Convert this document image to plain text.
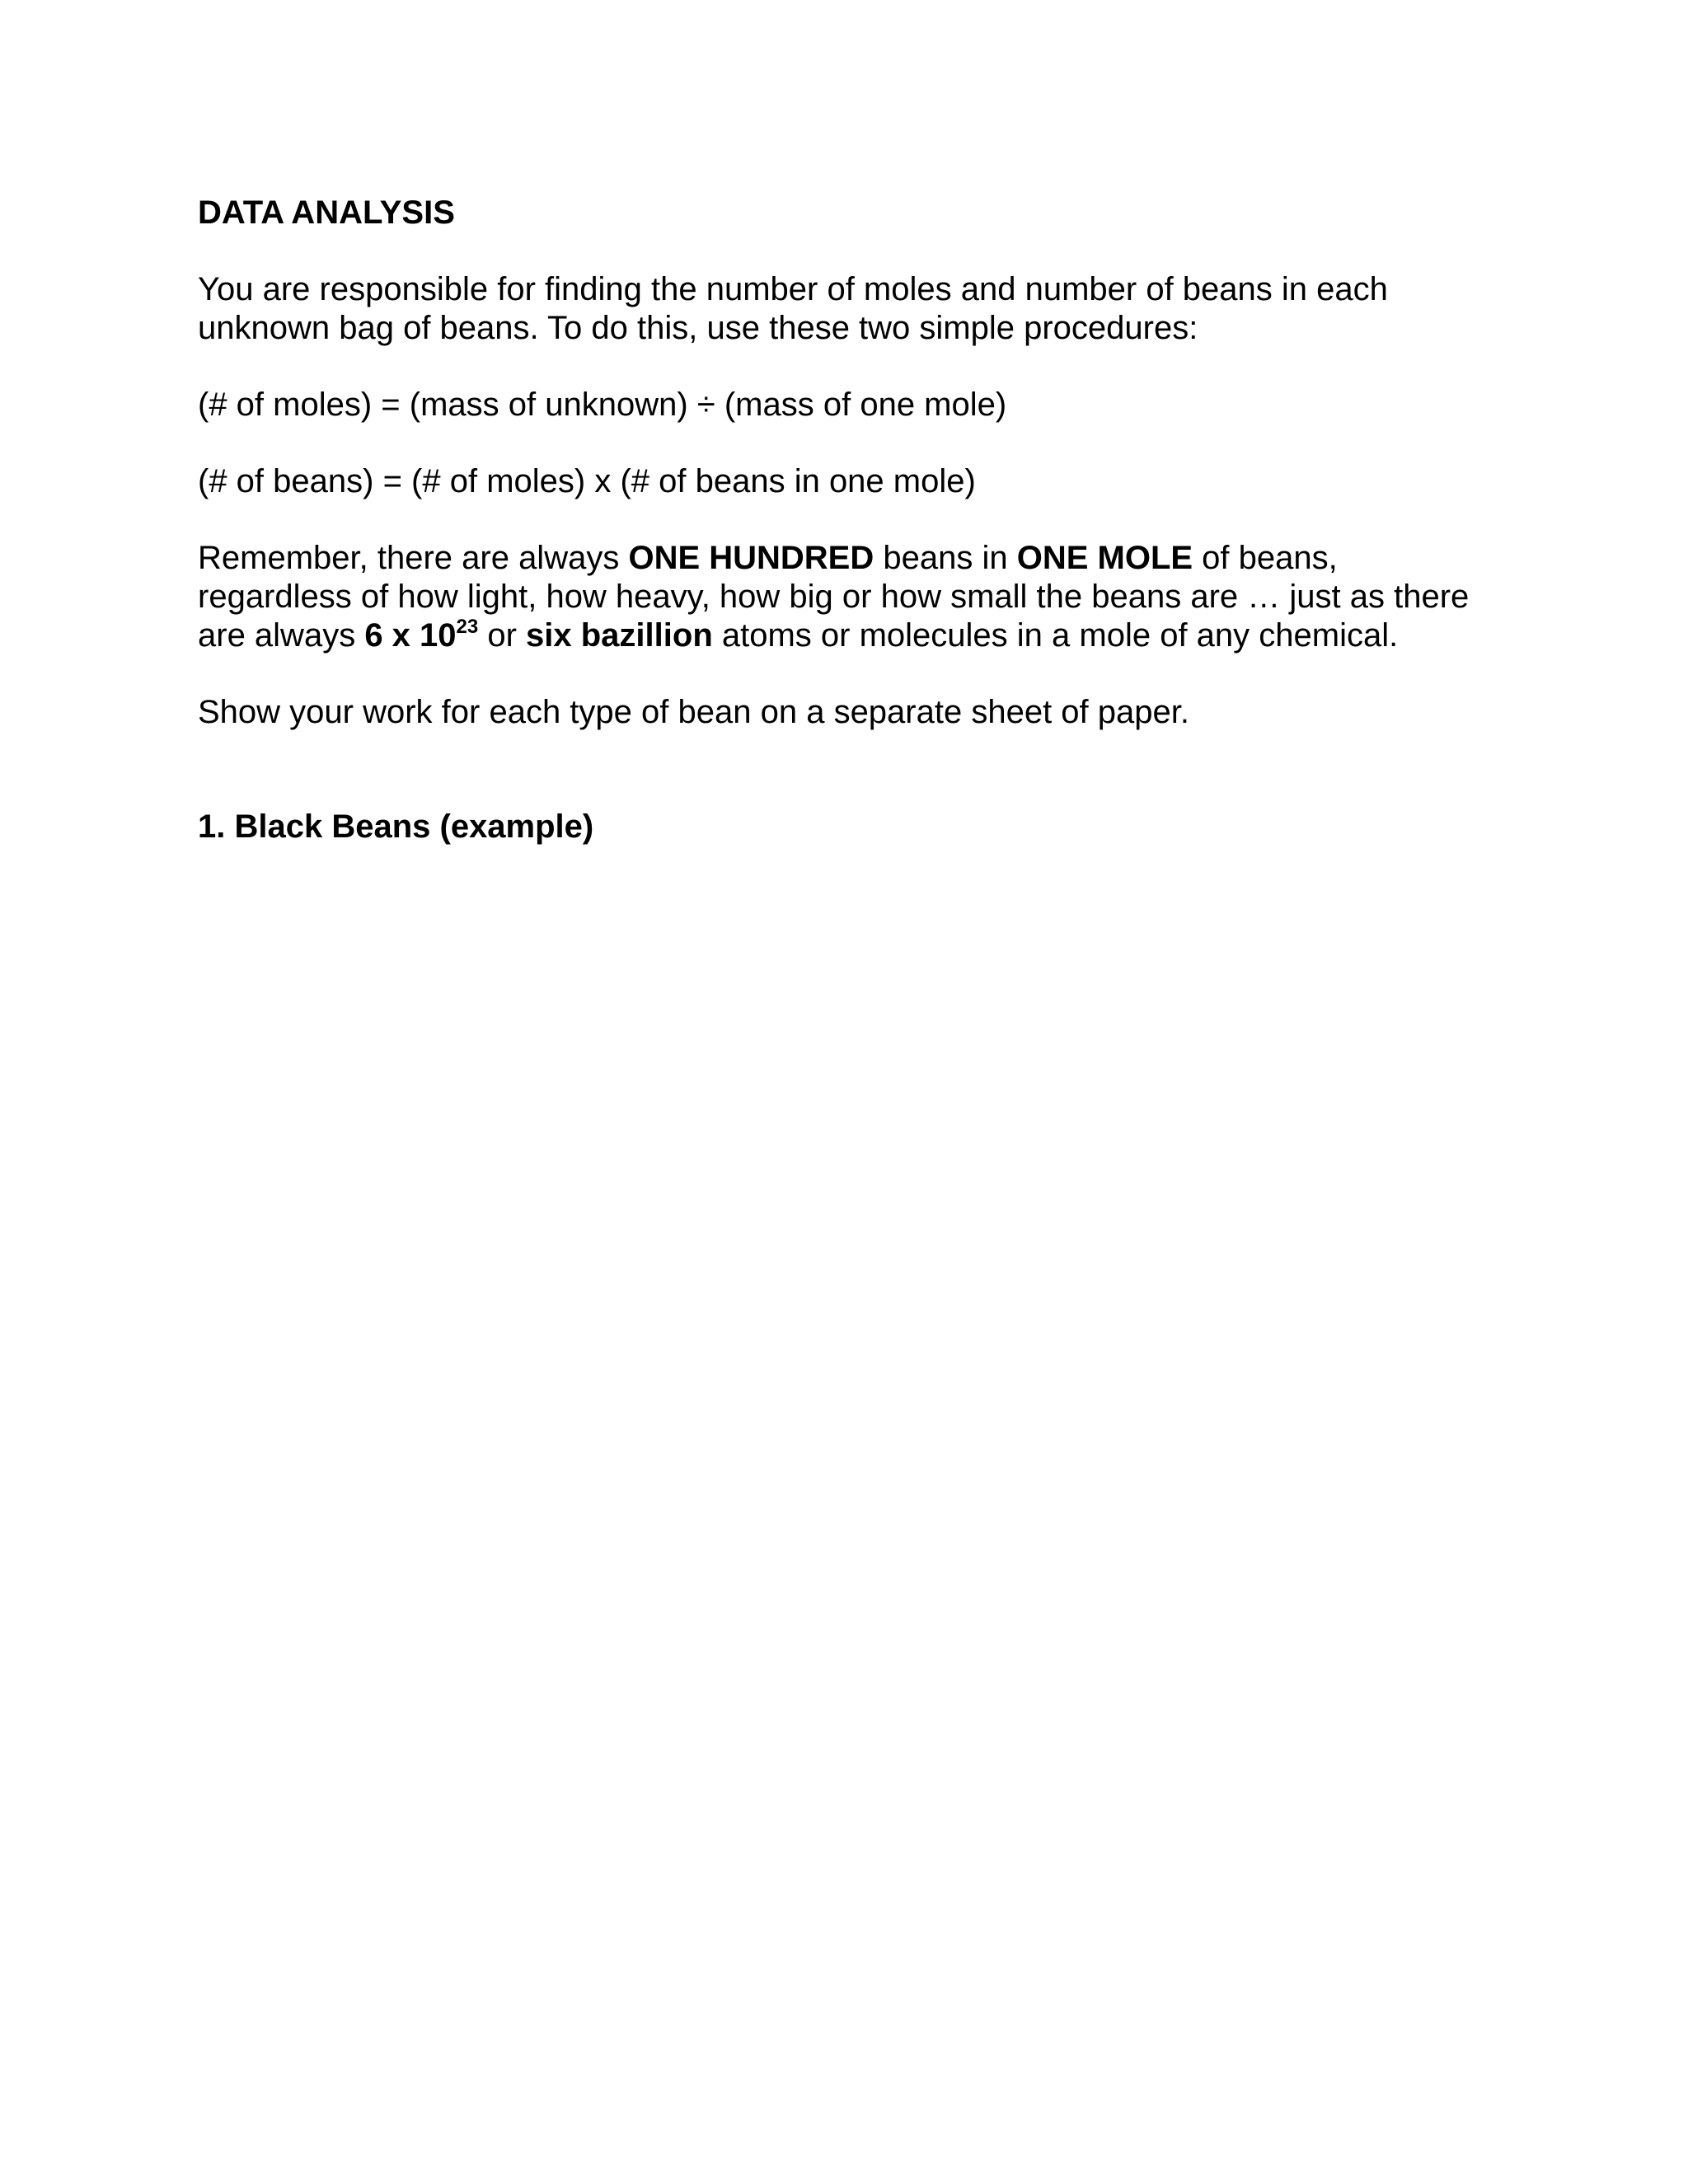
DATA ANALYSIS
You are responsible for finding the number of moles and number of beans in each
unknown bag of beans. To do this, use these two simple procedures:
(# of moles) = (mass of unknown) ÷ (mass of one mole)
(# of beans) = (# of moles) x (# of beans in one mole)
Remember, there are always ONE HUNDRED beans in ONE MOLE of beans,
regardless of how light, how heavy, how big or how small the beans are … just as there
are always 6 x $10^{23}$ or six bazillion atoms or molecules in a mole of any chemical.
Show your work for each type of bean on a separate sheet of paper.
1. Black Beans (example)
